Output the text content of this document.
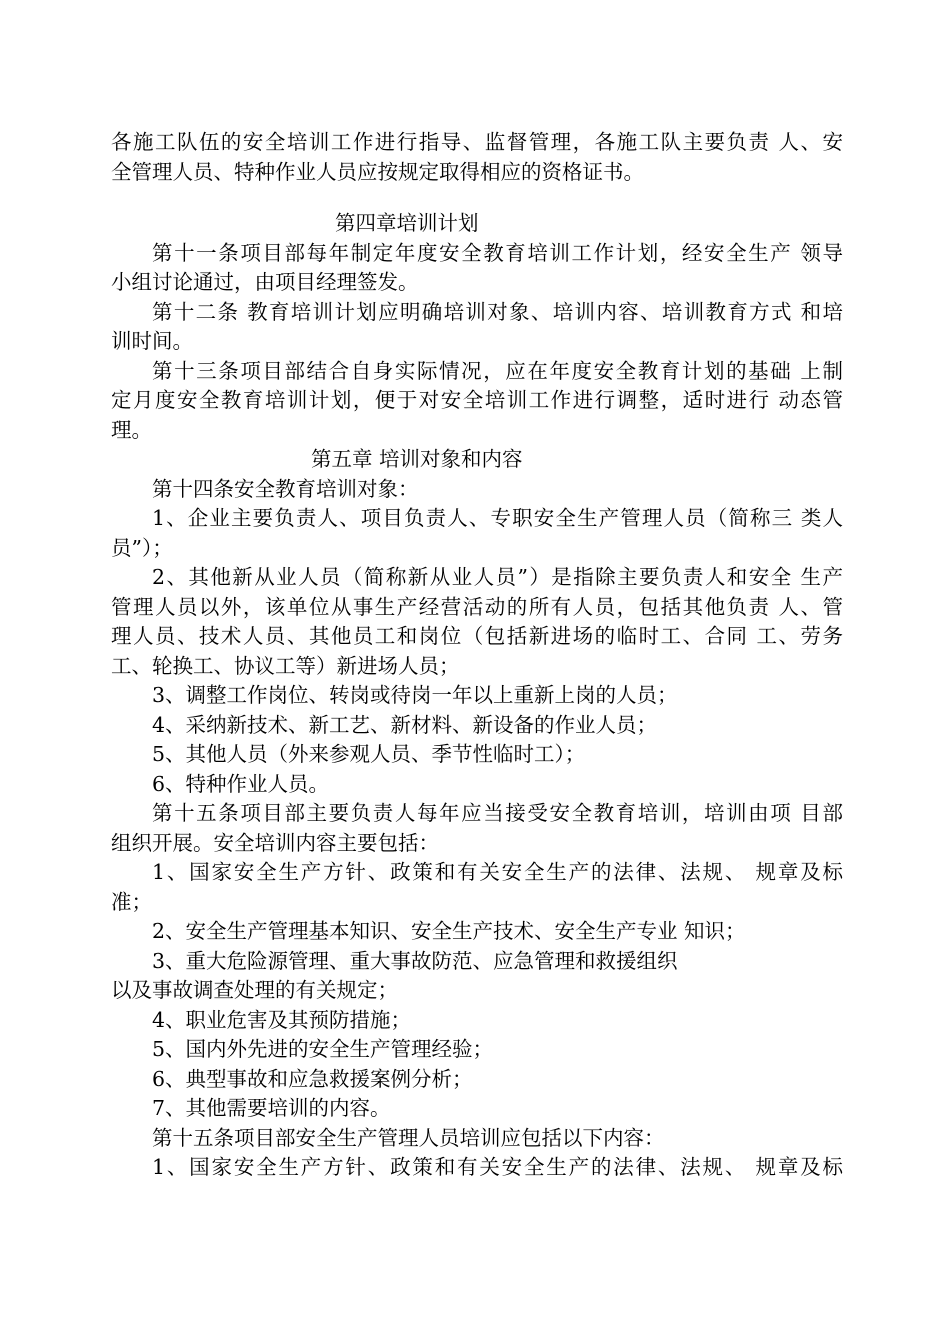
各施工队伍的安全培训工作进行指导、监督管理，各施工队主要负责 人、安
全管理人员、特种作业人员应按规定取得相应的资格证书。
第四章培训计划
第十一条项目部每年制定年度安全教育培训工作计划，经安全生产 领导
小组讨论通过，由项目经理签发。
第十二条 教育培训计划应明确培训对象、培训内容、培训教育方式 和培
训时间。
第十三条项目部结合自身实际情况，应在年度安全教育计划的基础 上制
定月度安全教育培训计划，便于对安全培训工作进行调整，适时进行 动态管
理。
第五章 培训对象和内容
第十四条安全教育培训对象：
1、企业主要负责人、项目负责人、专职安全生产管理人员（简称三 类人
员”）；
2、其他新从业人员（简称新从业人员”）是指除主要负责人和安全 生产
管理人员以外，该单位从事生产经营活动的所有人员，包括其他负责 人、管
理人员、技术人员、其他员工和岗位（包括新进场的临时工、合同 工、劳务
工、轮换工、协议工等）新进场人员；
3、调整工作岗位、转岗或待岗一年以上重新上岗的人员；
4、采纳新技术、新工艺、新材料、新设备的作业人员；
5、其他人员（外来参观人员、季节性临时工）；
6、特种作业人员。
第十五条项目部主要负责人每年应当接受安全教育培训，培训由项 目部
组织开展。安全培训内容主要包括：
1、国家安全生产方针、政策和有关安全生产的法律、法规、 规章及标
准；
2、安全生产管理基本知识、安全生产技术、安全生产专业 知识；
3、重大危险源管理、重大事故防范、应急管理和救援组织
以及事故调查处理的有关规定；
4、职业危害及其预防措施；
5、国内外先进的安全生产管理经验；
6、典型事故和应急救援案例分析；
7、其他需要培训的内容。
第十五条项目部安全生产管理人员培训应包括以下内容：
1、国家安全生产方针、政策和有关安全生产的法律、法规、 规章及标
